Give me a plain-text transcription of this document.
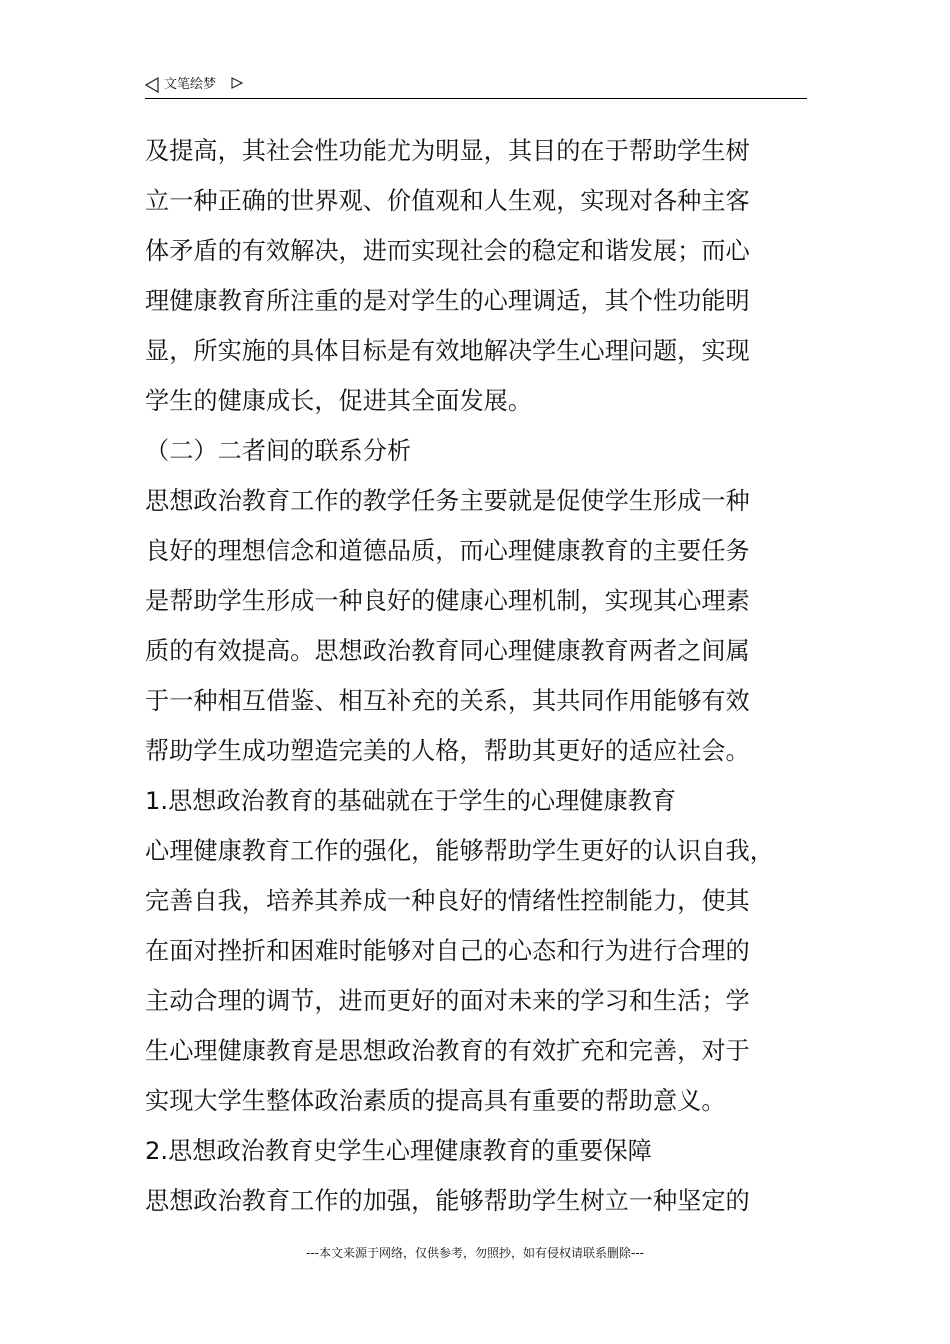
文笔绘梦
及提高，其社会性功能尤为明显，其目的在于帮助学生树
立一种正确的世界观、价值观和人生观，实现对各种主客
体矛盾的有效解决，进而实现社会的稳定和谐发展；而心
理健康教育所注重的是对学生的心理调适，其个性功能明
显，所实施的具体目标是有效地解决学生心理问题，实现
学生的健康成长，促进其全面发展。
（二）二者间的联系分析
思想政治教育工作的教学任务主要就是促使学生形成一种
良好的理想信念和道德品质，而心理健康教育的主要任务
是帮助学生形成一种良好的健康心理机制，实现其心理素
质的有效提高。思想政治教育同心理健康教育两者之间属
于一种相互借鉴、相互补充的关系，其共同作用能够有效
帮助学生成功塑造完美的人格，帮助其更好的适应社会。
1.思想政治教育的基础就在于学生的心理健康教育
心理健康教育工作的强化，能够帮助学生更好的认识自我，
完善自我，培养其养成一种良好的情绪性控制能力，使其
在面对挫折和困难时能够对自己的心态和行为进行合理的
主动合理的调节，进而更好的面对未来的学习和生活；学
生心理健康教育是思想政治教育的有效扩充和完善，对于
实现大学生整体政治素质的提高具有重要的帮助意义。
2.思想政治教育史学生心理健康教育的重要保障
思想政治教育工作的加强，能够帮助学生树立一种坚定的
---本文来源于网络，仅供参考，勿照抄，如有侵权请联系删除---
